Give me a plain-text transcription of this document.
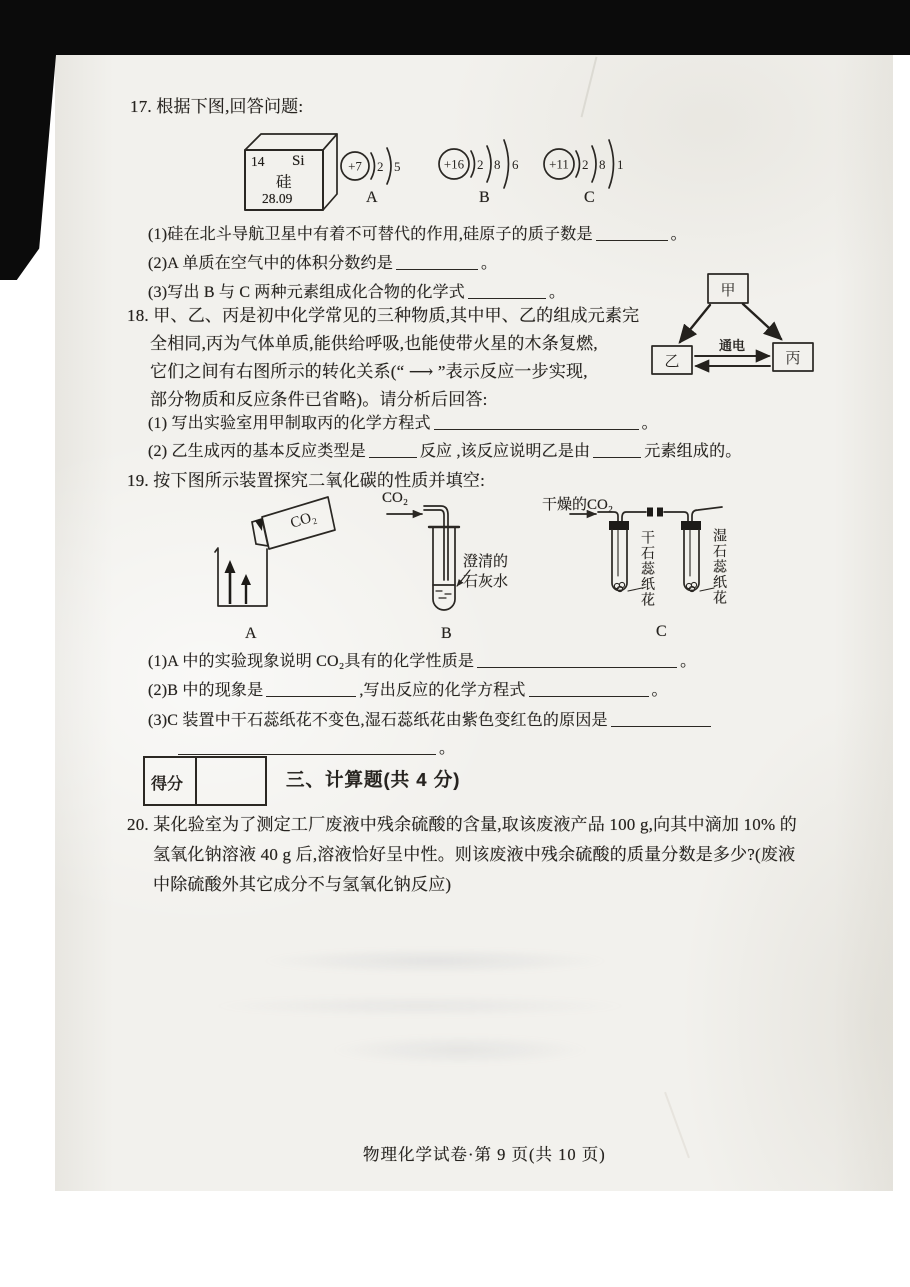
17. 根据下图,回答问题:
14 Si
硅
28.09
+7 2 5
A
+16 2 8 6
B
+11 2 8 1
C
(1)硅在北斗导航卫星中有着不可替代的作用,硅原子的质子数是	。
(2)A 单质在空气中的体积分数约是	。
(3)写出 B 与 C 两种元素组成化合物的化学式	。
18. 甲、乙、丙是初中化学常见的三种物质,其中甲、乙的组成元素完
全相同,丙为气体单质,能供给呼吸,也能使带火星的木条复燃,
它们之间有右图所示的转化关系(“ ⟶ ”表示反应一步实现,
部分物质和反应条件已省略)。请分析后回答:
甲
乙	丙
通电
(1) 写出实验室用甲制取丙的化学方程式	。
(2) 乙生成丙的基本反应类型是	反应 ,该反应说明乙是由	元素组成的。
19. 按下图所示装置探究二氧化碳的性质并填空:
CO₂
A
CO₂
澄清的
石灰水
B
干燥的CO₂
干石蕊纸花	湿石蕊纸花
C
(1)A 中的实验现象说明 CO₂具有的化学性质是	。
(2)B 中的现象是	,写出反应的化学方程式	。
(3)C 装置中干石蕊纸花不变色,湿石蕊纸花由紫色变红色的原因是
。
得分	三、计算题(共 4 分)
20. 某化验室为了测定工厂废液中残余硫酸的含量,取该废液产品 100 g,向其中滴加 10% 的
氢氧化钠溶液 40 g 后,溶液恰好呈中性。则该废液中残余硫酸的质量分数是多少?(废液
中除硫酸外其它成分不与氢氧化钠反应)
物理化学试卷·第 9 页(共 10 页)
